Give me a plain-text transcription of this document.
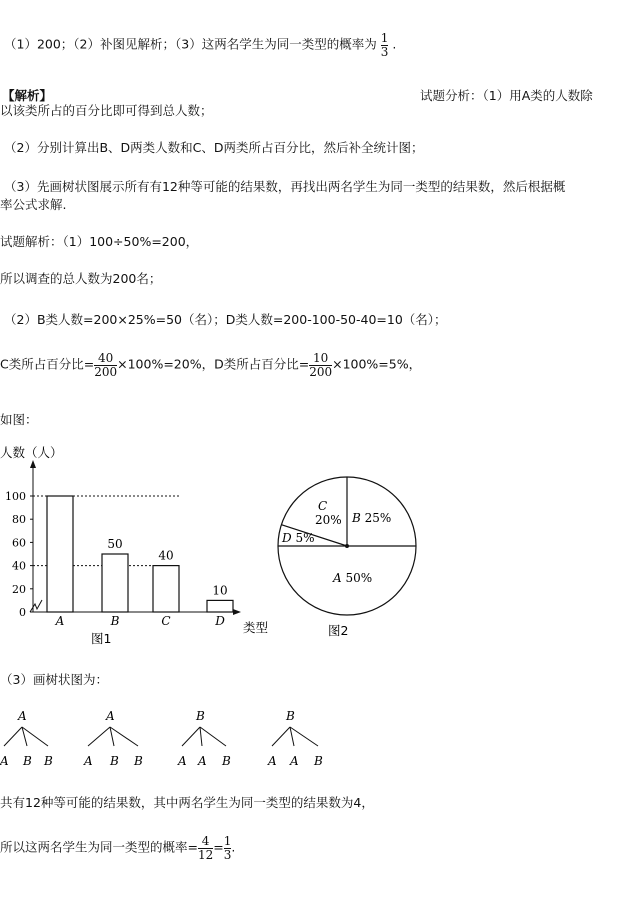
（1）200；（2）补图见解析；（3）这两名学生为同一类型的概率为 1
3
.
【解析】	试题分析：（1）用A类的人数除
以该类所占的百分比即可得到总人数；
（2）分别计算出B、D两类人数和C、D两类所占百分比，然后补全统计图；
（3）先画树状图展示所有有12种等可能的结果数，再找出两名学生为同一类型的结果数，然后根据概
率公式求解.
试题解析：（1）100÷50%=200，
所以调查的总人数为200名；
（2）B类人数=200×25%=50（名）；D类人数=200-100-50-40=10（名）；
C类所占百分比= 40
200
×100%=20%，D类所占百分比= 10
200
×100%=5%，
如图：
人数（人）
类型
图1
0
20
40
60
80
100
A
50
B
40
C
10
D
图2
A 50%
B 25%
C 20%
D 5%
（3）画树状图为：
A
A B B
A
A B B
B
A A B
B
A A B
共有12种等可能的结果数，其中两名学生为同一类型的结果数为4，
所以这两名学生为同一类型的概率= 4
12
= 1
3
.
